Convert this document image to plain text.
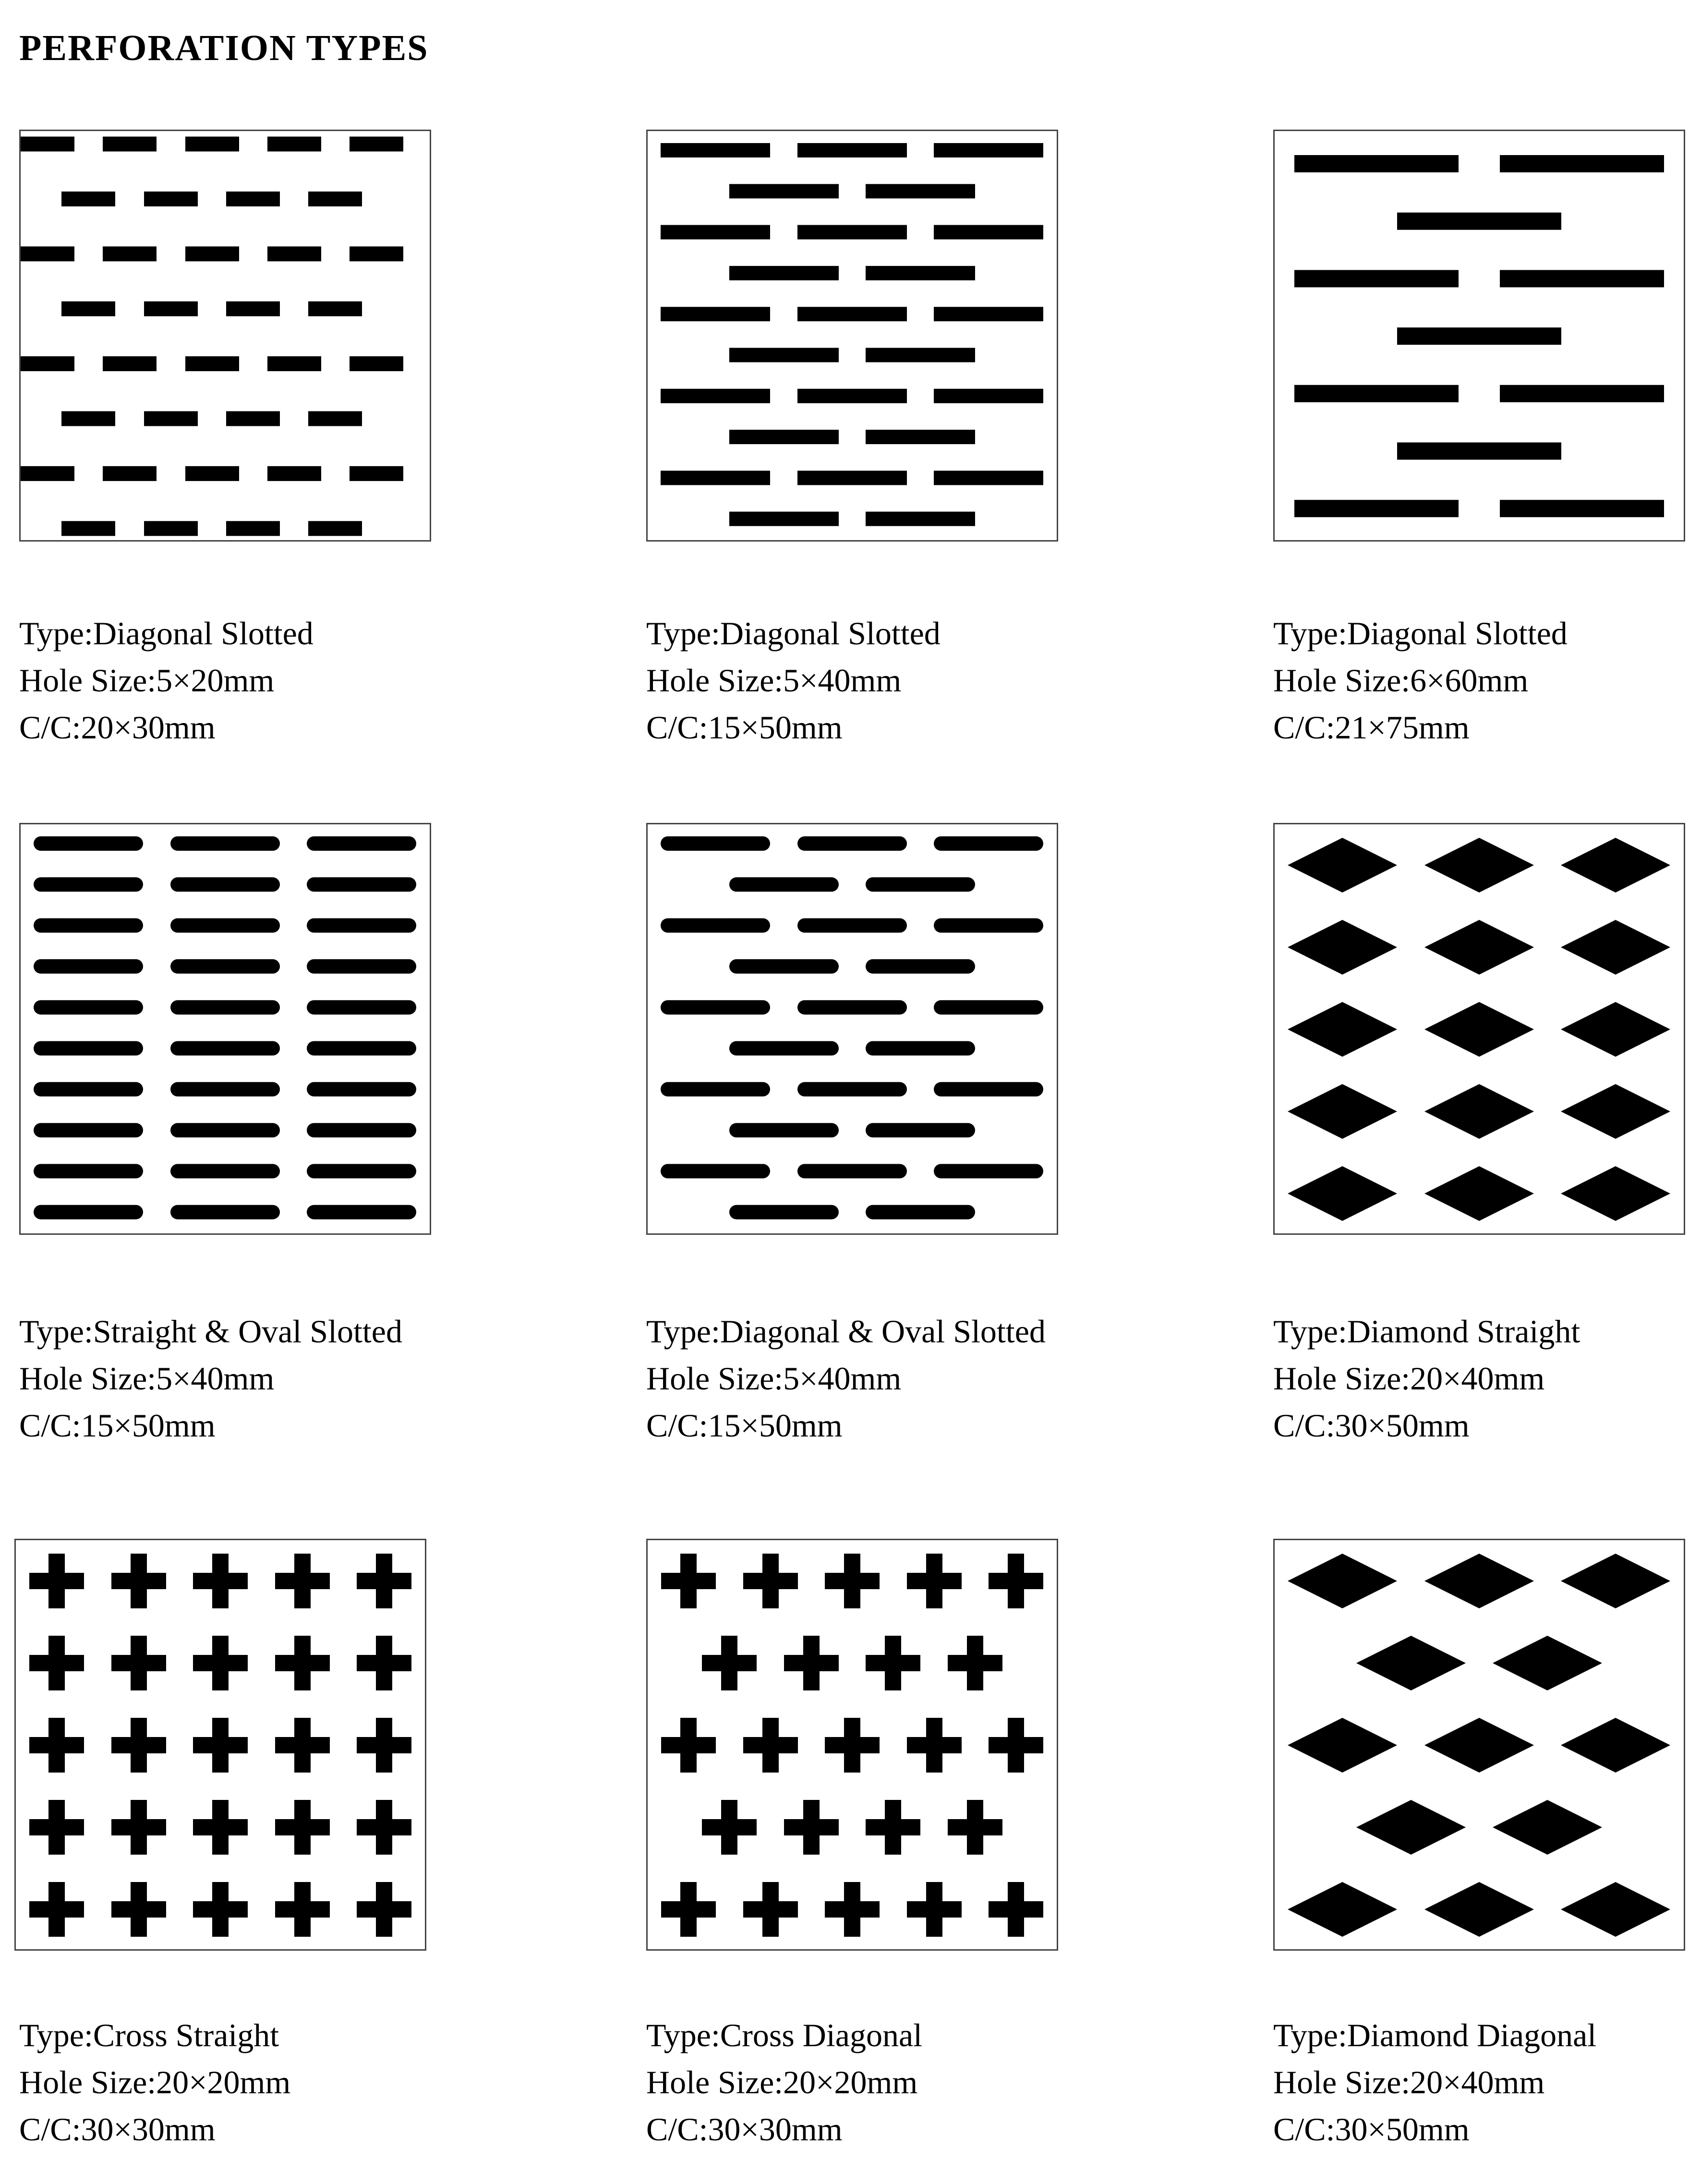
PERFORATION TYPES
Type:Diagonal Slotted
Hole Size:5×20mm
C/C:20×30mm
Type:Diagonal Slotted
Hole Size:5×40mm
C/C:15×50mm
Type:Diagonal Slotted
Hole Size:6×60mm
C/C:21×75mm
Type:Straight & Oval Slotted
Hole Size:5×40mm
C/C:15×50mm
Type:Diagonal & Oval Slotted
Hole Size:5×40mm
C/C:15×50mm
Type:Diamond Straight
Hole Size:20×40mm
C/C:30×50mm
Type:Cross Straight
Hole Size:20×20mm
C/C:30×30mm
Type:Cross Diagonal
Hole Size:20×20mm
C/C:30×30mm
Type:Diamond Diagonal
Hole Size:20×40mm
C/C:30×50mm
